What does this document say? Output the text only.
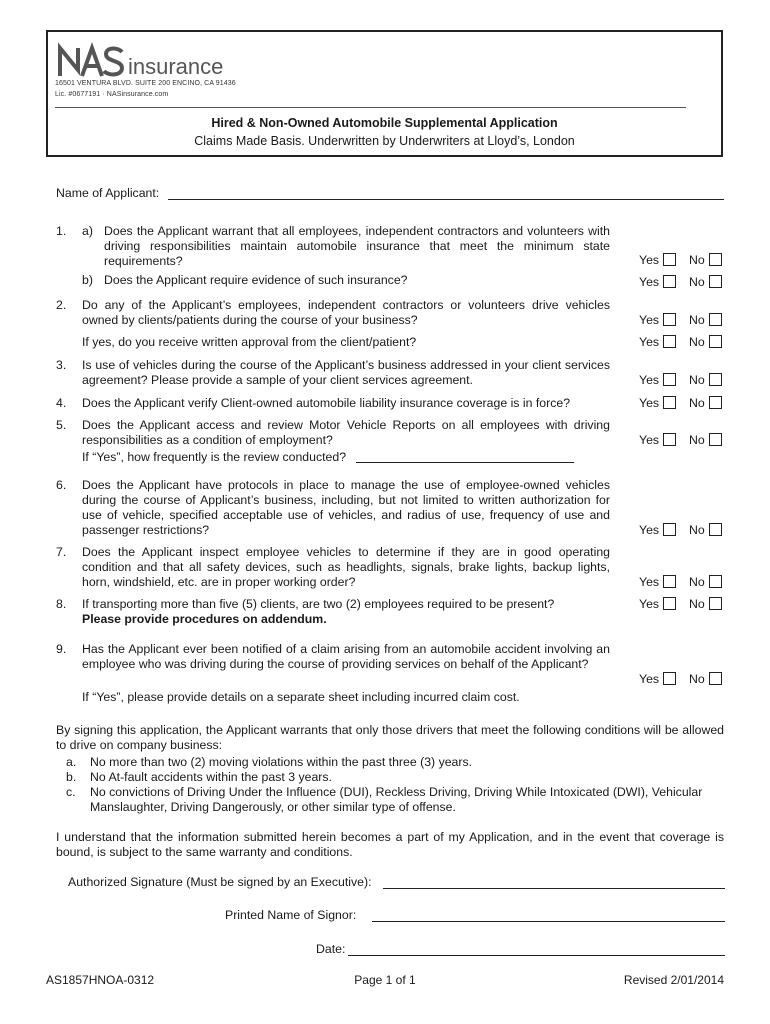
insurance
16501 VENTURA BLVD. SUITE 200 ENCINO, CA 91436
Lic. #0677191 · NASinsurance.com
Hired & Non-Owned Automobile Supplemental Application
Claims Made Basis. Underwritten by Underwriters at Lloyd’s, London
Name of Applicant:
1. a) Does the Applicant warrant that all employees, independent contractors and volunteers with driving responsibilities maintain automobile insurance that meet the minimum state requirements?	Yes No
b) Does the Applicant require evidence of such insurance?	Yes No
2. Do any of the Applicant’s employees, independent contractors or volunteers drive vehicles owned by clients/patients during the course of your business?	Yes No
If yes, do you receive written approval from the client/patient?	Yes No
3. Is use of vehicles during the course of the Applicant’s business addressed in your client services agreement? Please provide a sample of your client services agreement.	Yes No
4. Does the Applicant verify Client-owned automobile liability insurance coverage is in force?	Yes No
5. Does the Applicant access and review Motor Vehicle Reports on all employees with driving responsibilities as a condition of employment?	Yes No
If “Yes”, how frequently is the review conducted?
6. Does the Applicant have protocols in place to manage the use of employee-owned vehicles during the course of Applicant’s business, including, but not limited to written authorization for use of vehicle, specified acceptable use of vehicles, and radius of use, frequency of use and passenger restrictions?	Yes No
7. Does the Applicant inspect employee vehicles to determine if they are in good operating condition and that all safety devices, such as headlights, signals, brake lights, backup lights, horn, windshield, etc. are in proper working order?	Yes No
8. If transporting more than five (5) clients, are two (2) employees required to be present?
Please provide procedures on addendum.
Yes No
9. Has the Applicant ever been notified of a claim arising from an automobile accident involving an employee who was driving during the course of providing services on behalf of the Applicant?
Yes No
If “Yes”, please provide details on a separate sheet including incurred claim cost.
By signing this application, the Applicant warrants that only those drivers that meet the following conditions will be allowed to drive on company business:
a. No more than two (2) moving violations within the past three (3) years.
b. No At-fault accidents within the past 3 years.
c. No convictions of Driving Under the Influence (DUI), Reckless Driving, Driving While Intoxicated (DWI), Vehicular Manslaughter, Driving Dangerously, or other similar type of offense.
I understand that the information submitted herein becomes a part of my Application, and in the event that coverage is bound, is subject to the same warranty and conditions.
Authorized Signature (Must be signed by an Executive):
Printed Name of Signor:
Date:
AS1857HNOA-0312	Page 1 of 1	Revised 2/01/2014
